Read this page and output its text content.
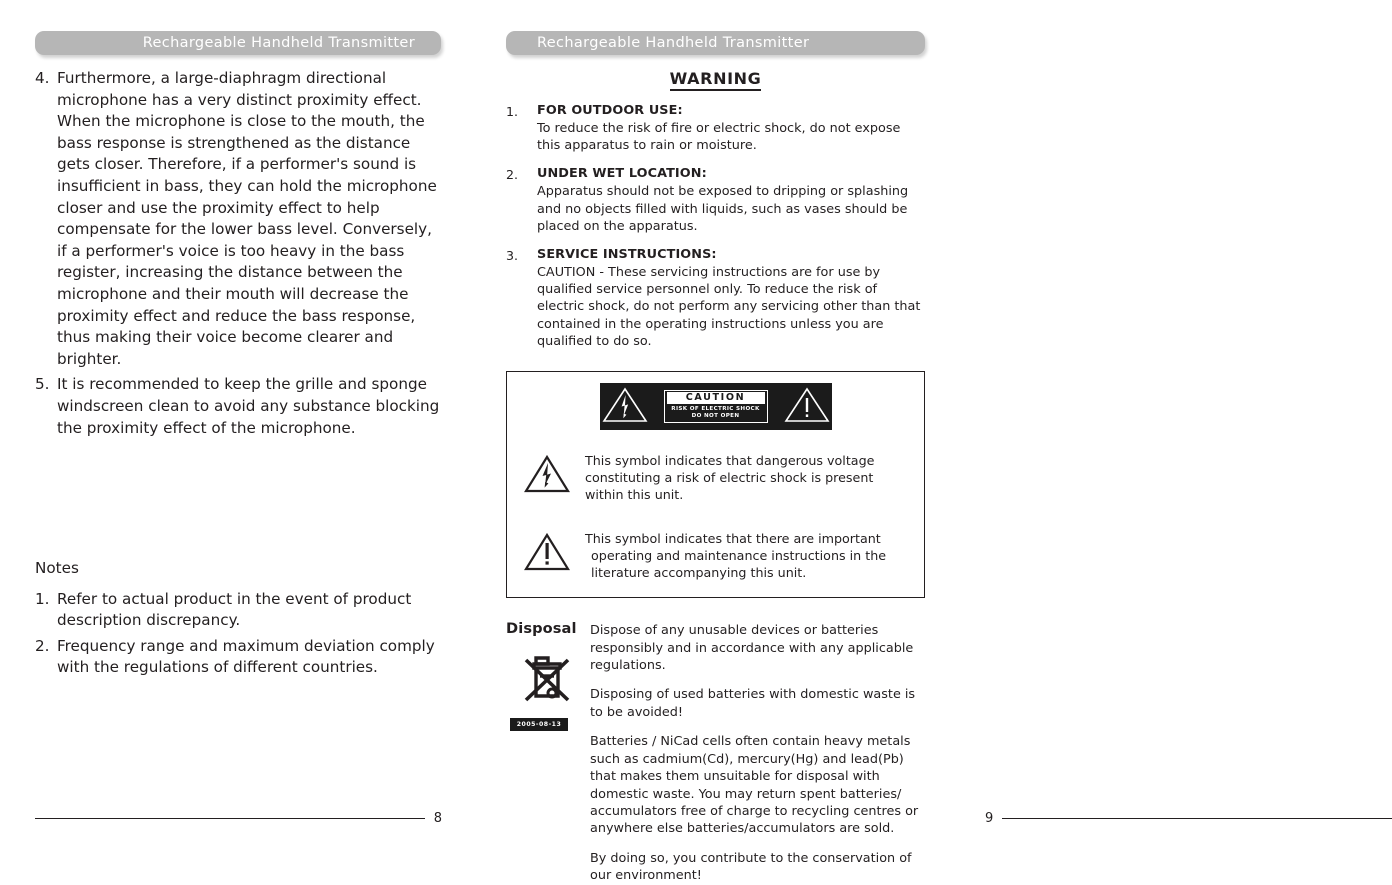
Rechargeable Handheld Transmitter
4. Furthermore, a large-diaphragm directional microphone has a very distinct proximity effect. When the microphone is close to the mouth, the bass response is strengthened as the distance gets closer. Therefore, if a performer's sound is insufficient in bass, they can hold the microphone closer and use the proximity effect to help compensate for the lower bass level. Conversely, if a performer's voice is too heavy in the bass register, increasing the distance between the microphone and their mouth will decrease the proximity effect and reduce the bass response, thus making their voice become clearer and brighter.
5. It is recommended to keep the grille and sponge windscreen clean to avoid any substance blocking the proximity effect of the microphone.
Notes
1. Refer to actual product in the event of product description discrepancy.
2. Frequency range and maximum deviation comply with the regulations of different countries.
8
Rechargeable Handheld Transmitter
WARNING
1.	FOR OUTDOOR USE:
To reduce the risk of fire or electric shock, do not expose this apparatus to rain or moisture.
2.	UNDER WET LOCATION:
Apparatus should not be exposed to dripping or splashing and no objects filled with liquids, such as vases should be placed on the apparatus.
3.	SERVICE INSTRUCTIONS:
CAUTION - These servicing instructions are for use by qualified service personnel only. To reduce the risk of electric shock, do not perform any servicing other than that contained in the operating instructions unless you are qualified to do so.
CAUTION
RISK OF ELECTRIC SHOCK
DO NOT OPEN
This symbol indicates that dangerous voltage constituting a risk of electric shock is present within this unit.
This symbol indicates that there are important
operating and maintenance instructions in the
literature accompanying this unit.
Disposal
2005-08-13
Dispose of any unusable devices or batteries responsibly and in accordance with any applicable regulations.
Disposing of used batteries with domestic waste is to be avoided!
Batteries / NiCad cells often contain heavy metals such as cadmium(Cd), mercury(Hg) and lead(Pb) that makes them unsuitable for disposal with domestic waste. You may return spent batteries/ accumulators free of charge to recycling centres or anywhere else batteries/accumulators are sold.
By doing so, you contribute to the conservation of our environment!
9
